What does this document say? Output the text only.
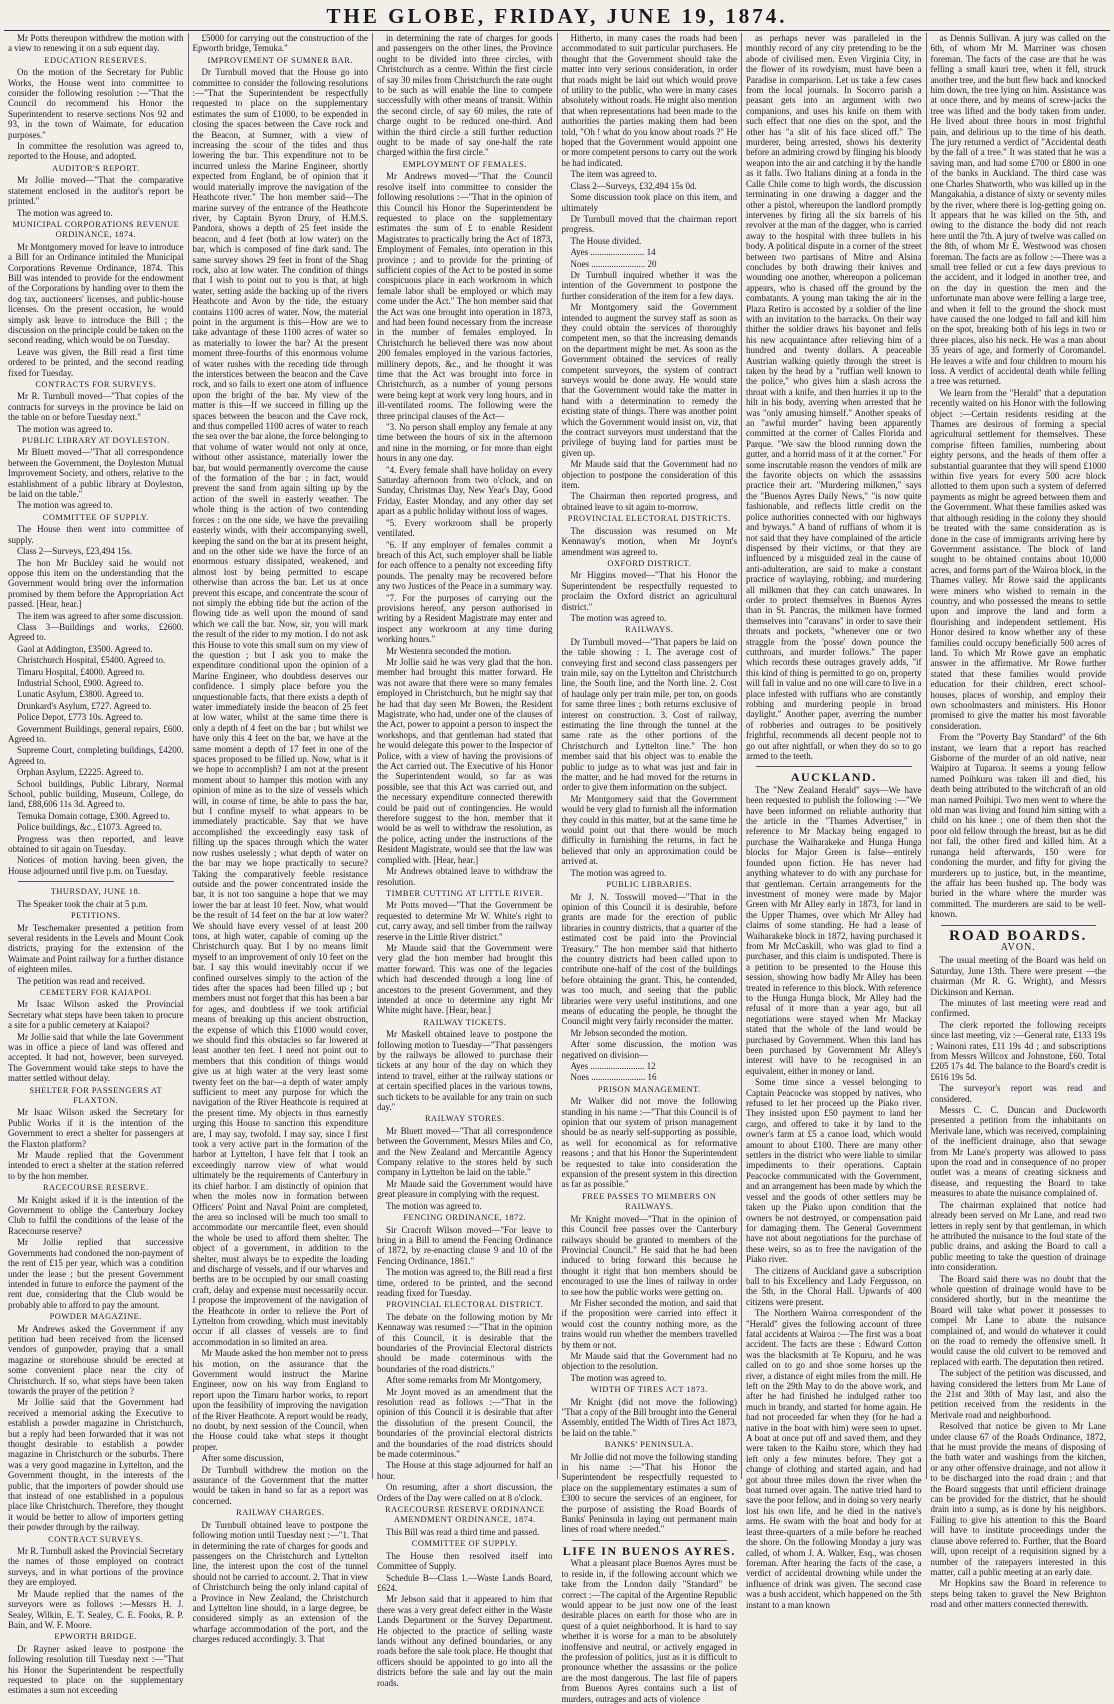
THE GLOBE, FRIDAY, JUNE 19, 1874.

Mr Potts thereupon withdrew the motion with a view to renewing it on a sub equent day.

EDUCATION RESERVES.

On the motion of the Secretary for Public Works, the House went into committee to consider the following resolution :—"That the Council do recommend his Honor the Superintendent to reserve sections Nos 92 and 93, in the town of Waimate, for education purposes."

In committee the resolution was agreed to, reported to the House, and adopted.

AUDITOR'S REPORT.

Mr Jollie moved—"That the comparative statement enclosed in the auditor's report be printed."

The motion was agreed to.

MUNICIPAL CORPORATIONS REVENUE ORDINANCE, 1874.

Mr Montgomery moved for leave to introduce a Bill for an Ordinance intituled the Municipal Corporations Revenue Ordinance, 1874. This Bill was intended to provide for the endowment of the Corporations by handing over to them the dog tax, auctioneers' licenses, and public-house licenses. On the present occasion, he would simply ask leave to introduce the Bill ; the discussion on the principle could be taken on the second reading, which would be on Tuesday.

Leave was given, the Bill read a first time ordered to be printed, and the second reading fixed for Tuesday.

CONTRACTS FOR SURVEYS.

Mr R. Turnbull moved—"That copies of the contracts for surveys in the province be laid on the table on or before Tuesday next."

The motion was agreed to.

PUBLIC LIBRARY AT DOYLESTON.

Mr Bluett moved—"That all correspondence between the Government, the Doyleston Mutual Improvement Society, and others, relative to the establishment of a public library at Doyleston, be laid on the table."

The motion was agreed to.

COMMITTEE OF SUPPLY.

The House then went into committee of supply.

Class 2—Surveys, £23,494 15s.

The hon Mr Buckley said he would not oppose this item on the understanding that the Government would bring over the information promised by them before the Appropriation Act passed. [Hear, hear.]

The item was agreed to after some discussion.

Class 3—Buildings and works, £2600. Agreed to.

Gaol at Addington, £3500. Agreed to.

Christchurch Hospital, £5400. Agreed to.

Timaru Hospital, £4000. Agreed to.

Industrial School, £900. Agreed to.

Lunatic Asylum, £3800. Agreed to.

Drunkard's Asylum, £727. Agreed to.

Police Depot, £773 10s. Agreed to.

Government Buildings, general repairs, £600. Agreed to.

Supreme Court, completing buildings, £4200. Agreed to.

Orphan Asylum, £2225. Agreed to.

School buildings, Public Library, Normal School, public building, Museum, College, do land, £88,606 11s 3d. Agreed to.

Temuka Domain cottage, £300. Agreed to.

Police buildings, &c., £1073. Agreed to.

Progress was then reported, and leave obtained to sit again on Tuesday.

Notices of motion having been given, the House adjourned until five p.m. on Tuesday.

THURSDAY, JUNE 18.

The Speaker took the chair at 5 p.m.

PETITIONS.

Mr Teschemaker presented a petition from several residents in the Levels and Mount Cook districts, praying for the extension of the Waimate and Point railway for a further distance of eighteen miles.

The petition was read and received.

CEMETERY FOR KAIAPOI.

Mr Isaac Wilson asked the Provincial Secretary what steps have been taken to procure a site for a public cemetery at Kaiapoi?

Mr Jollie said that while the late Government was in office a piece of land was offered and accepted. It had not, however, been surveyed. The Government would take steps to have the matter settled without delay.

SHELTER FOR PASSENGERS AT FLAXTON.

Mr Isaac Wilson asked the Secretary for Public Works if it is the intention of the Government to erect a shelter for passengers at the Flaxton platform?

Mr Maude replied that the Government intended to erect a shelter at the station referred to by the hon member.

RACECOURSE RESERVE.

Mr Knight asked if it is the intention of the Government to oblige the Canterbury Jockey Club to fulfil the conditions of the lease of the Racecourse reserve?

Mr Jollie replied that successive Governments had condoned the non-payment of the rent of £15 per year, which was a condition under the lease ; but the present Government intended in future to enforce the payment of the rent due, considering that the Club would be probably able to afford to pay the amount.

POWDER MAGAZINE.

Mr Andrews asked the Government if any petition had been received from the licensed vendors of gunpowder, praying that a small magazine or storehouse should be erected at some convenient place near the city of Christchurch. If so, what steps have been taken towards the prayer of the petition ?

Mr Jollie said that the Government had received a memorial asking the Executive to establish a powder magazine in Christchurch, but a reply had been forwarded that it was not thought desirable to establish a powder magazine in Christchurch or the suburbs. There was a very good magazine in Lyttelton, and the Government thought, in the interests of the public, that the importers of powder should use that instead of one established in a populous place like Christchurch. Therefore, they thought it would be better to allow of importers getting their powder through by the railway.

CONTRACT SURVEYS.

Mr R. Turnbull asked the Provincial Secretary the names of those employed on contract surveys, and in what portions of the province they are employed.

Mr Maude replied that the names of the surveyors were as follows :—Messrs H. J. Sealey, Wilkin, E. T. Sealey, C. E. Fooks, R. P. Bain, and W. F. Moore.

EPWORTH BRIDGE.

Dr Rayner asked leave to postpone the following resolution till Tuesday next :—"That his Honor the Superintendent be respectfully requested to place on the supplementary estimates a sum not exceeding

£5000 for carrying out the construction of the Epworth bridge, Temuka."

IMPROVEMENT OF SUMNER BAR.

Dr Turnbull moved that the House go into committee to consider the following resolutions :—"That the Superintendent be respectfully requested to place on the supplementary estimates the sum of £1000, to be expended in closing the spaces between the Cave rock and the Beacon, at Sumner, with a view of increasing the scour of the tides and thus lowering the bar. This expenditure not to be incurred unless the Marine Engineer, shortly expected from England, be of opinion that it would materially improve the navigation of the Heathcote river." The hon member said—The marine survey of the entrance of the Heathcote river, by Captain Byron Drury, of H.M.S. Pandora, shows a depth of 25 feet inside the beacon, and 4 feet (both at low water) on the bar, which is composed of fine dark sand. The same survey shows 29 feet in front of the Shag rock, also at low water. The condition of things that I wish to point out to you is that, at high water, setting aside the backing up of the rivers Heathcote and Avon by the tide, the estuary contains 1100 acres of water. Now, the material point in the argument is this—How are we to take advantage of these 1100 acres of water so as materially to lower the bar? At the present moment three-fourths of this enormous volume of water rushes with the receding tide through the interstices between the beacon and the Cave rock, and so fails to exert one atom of influence upon the bright of the bar. My view of the matter is this—If we succeed in filling up the spaces between the beacon and the Cave rock, and thus compelled 1100 acres of water to reach the sea over the bar alone, the force belonging to that volume of water would not only at once, without other assistance, materially lower the bar, but would permanently overcome the cause of the formation of the bar ; in fact, would prevent the sand from again silting up by the action of the swell in easterly weather. The whole thing is the action of two contending forces : on the one side, we have the prevailing easterly winds, with their accompanying swell, keeping the sand on the bar at its present height, and on the other side we have the force of an enormous estuary dissipated, weakened, and almost lost by being permitted to escape otherwise than across the bar. Let us at once prevent this escape, and concentrate the scour of not simply the ebbing tide but the action of the flowing tide as well upon the mound of sand which we call the bar. Now, sir, you will mark the result of the rider to my motion. I do not ask this House to vote this small sum on my view of the question ; but I ask you to make the expenditure conditional upon the opinion of a Marine Engineer, who doubtless deserves our confidence. I simply place before you the unquestionable facts, that there exists a depth of water immediately inside the beacon of 25 feet at low water, whilst at the same time there is only a depth of 4 feet on the bar ; but whilst we have only this 4 feet on the bar, we have at the same moment a depth of 17 feet in one of the spaces proposed to be filled up. Now, what is it we hope to accomplish? I am not at the present moment about to hamper this motion with any opinion of mine as to the size of vessels which will, in course of time, be able to pass the bar, but I confine myself to what appears to be immediately practicable. Say that we have accomplished the exceedingly easy task of filling up the spaces through which the water now rushes uselessly ; what depth of water on the bar may we hope practically to secure? Taking the comparatively feeble resistance outside and the power concentrated inside the bar, it is not too sanguine a hope that we may lower the bar at least 10 feet. Now, what would be the result of 14 feet on the bar at low water? We should have every vessel of at least 200 tons, at high water, capable of coming up the Christchurch quay. But I by no means limit myself to an improvement of only 10 feet on the bar. I say this would inevitably occur if we confined ourselves simply to the action of the tides after the spaces had been filled up ; but members must not forget that this has been a bar for ages, and doubtless if we took artificial means of breaking up this ancient obstruction, the expense of which this £1000 would cover, we should find this obstacles so far lowered at least another ten feet. I need not point out to members that this condition of things would give us at high water at the very least some twenty feet on the bar—a depth of water amply sufficient to meet any purpose for which the navigation of the River Heathcote is required at the present time. My objects in thus earnestly urging this House to sanction this expenditure are, I may say, twofold. I may say, since I first took a very active part in the formation of the harbor at Lyttelton, I have felt that I took an exceedingly narrow view of what would ultimately be the requirements of Canterbury in its chief harbor. I am distinctly of opinion that when the moles now in formation between Officers' Point and Naval Point are completed, the area so inclosed will be much too small to accommodate our mercantile fleet, even should the whole be used to afford them shelter. The object of a government, in addition to the shelter, must always be to expedite the loading and discharge of vessels, and if our wharves and berths are to be occupied by our small coasting craft, delay and expense must necessarily occur. I propose the improvement of the navigation of the Heathcote in order to relieve the Port of Lyttelton from crowding, which must inevitably occur if all classes of vessels are to find accommodation in so limited an area.

Mr Maude asked the hon member not to press his motion, on the assurance that the Government would instruct the Marine Engineer, now on his way from England to report upon the Timaru harbor works, to report upon the feasibility of improving the navigation of the River Heathcote. A report would be ready, no doubt, by next session of the Council, when the House could take what steps it thought proper.

After some discussion,

Dr Turnbull withdrew the motion on the assurance of the Government that the matter would be taken in hand so far as a report was concerned.

RAILWAY CHARGES.

Dr Turnbull obtained leave to postpone the following motion until Tuesday next :—"1. That in determining the rate of charges for goods and passengers on the Christchurch and Lyttelton line, the interest upon the cost of the tunnel should not be carried to account. 2. That in view of Christchurch being the only inland capital of a Province in New Zealand, the Christchurch and Lyttelton line should, in a large degree, be considered simply as an extension of the wharfage accommodation of the port, and the charges reduced accordingly. 3. That

in determining the rate of charges for goods and passengers on the other lines, the Province ought to be divided into three circles, with Christchurch as a centre. Within the first circle of say 30 miles from Christchurch the rate ought to be such as will enable the line to compete successfully with other means of transit. Within the second circle, of say 60 miles, the rate of charge ought to be reduced one-third. And within the third circle a still further reduction ought to be made of say one-half the rate charged within the first circle."

EMPLOYMENT OF FEMALES.

Mr Andrews moved—"That the Council resolve itself into committee to consider the following resolutions :—"That in the opinion of this Council his Honor the Superintendent be requested to place on the supplementary estimates the sum of £ to enable Resident Magistrates to practically bring the Act of 1873, Employment of Females, into operation in this province ; and to provide for the printing of sufficient copies of the Act to be posted in some conspicuous place in each workroom in which female labor shall be employed or which may come under the Act." The hon member said that the Act was one brought into operation in 1873, and had been found necessary from the increase in the number of females employed. In Christchurch he believed there was now about 200 females employed in the various factories, millinery depots, &c., and he thought it was time that the Act was brought into force in Christchurch, as a number of young persons were being kept at work very long hours, and in ill-ventilated rooms. The following were the three principal clauses of the Act—

"3. No person shall employ any female at any time between the hours of six in the afternoon and nine in the morning, or for more than eight hours in any one day.

"4. Every female shall have holiday on every Saturday afternoon from two o'clock, and on Sunday, Christmas Day, New Year's Day, Good Friday, Easter Monday, and any other day set apart as a public holiday without loss of wages.

"5. Every workroom shall be properly ventilated.

"6. If any employer of females commit a breach of this Act, such employer shall be liable for each offence to a penalty not exceeding fifty pounds. The penalty may be recovered before any two Justices of the Peace in a summary way.

"7. For the purposes of carrying out the provisions hereof, any person authorised in writing by a Resident Magistrate may enter and inspect any workroom at any time during working hours."

Mr Westenra seconded the motion.

Mr Jollie said he was very glad that the hon. member had brought this matter forward. He was not aware that there were so many females employed in Christchurch, but he might say that he had that day seen Mr Bowen, the Resident Magistrate, who had, under one of the clauses of the Act, power to appoint a person to inspect the workshops, and that gentleman had stated that he would delegate this power to the Inspector of Police, with a view of having the provisions of the Act carried out. The Executive of his Honor the Superintendent would, so far as was possible, see that this Act was carried out, and the necessary expenditure connected therewith could be paid out of contingencies. He would therefore suggest to the hon. member that it would be as well to withdraw the resolution, as the police, acting under the instructions of the Resident Magistrate, would see that the law was complied with. [Hear, hear.]

Mr Andrews obtained leave to withdraw the resolution.

TIMBER CUTTING AT LITTLE RIVER.

Mr Potts moved—"That the Government be requested to determine Mr W. White's right to cut, carry away, and sell timber from the railway reserve in the Little River district."

Mr Maude said that the Government were very glad the hon member had brought this matter forward. This was one of the legacies which had descended through a long line of ancestors to the present Government, and they intended at once to determine any right Mr White might have. [Hear, hear.]

RAILWAY TICKETS.

Mr Maskell obtained leave to postpone the following motion to Tuesday—"That passengers by the railways be allowed to purchase their tickets at any hour of the day on which they intend to travel, either at the railway stations or at certain specified places in the various towns, such tickets to be available for any train on such day."

RAILWAY STORES.

Mr Bluett moved—"That all correspondence between the Government, Messrs Miles and Co, and the New Zealand and Mercantile Agency Company relative to the stores held by such company in Lyttelton be laid on the table."

Mr Maude said the Government would have great pleasure in complying with the request.

The motion was agreed to.

FENCING ORDINANCE, 1872.

Sir Cracroft Wilson moved—"For leave to bring in a Bill to amend the Fencing Ordinance of 1872, by re-enacting clause 9 and 10 of the Fencing Ordinance, 1861."

The motion was agreed to, the Bill read a first time, ordered to be printed, and the second reading fixed for Tuesday.

PROVINCIAL ELECTORAL DISTRICT.

The debate on the following motion by Mr Kennaway was resumed :—"That in the opinion of this Council, it is desirable that the boundaries of the Provincial Electoral districts should be made coterminous with the boundaries of the road districts."

After some remarks from Mr Montgomery,

Mr Joynt moved as an amendment that the resolution read as follows :—"That in the opinion of this Council it is desirable that after the dissolution of the present Council, the boundaries of the provincial electoral districts and the boundaries of the road districts should be made coterminous."

The House at this stage adjourned for half an hour.

On resuming, after a short discussion, the Orders of the Day were called on at 8 o'clock.

RACECOURSE RESERVE ORDINANCE AMENDMENT ORDINANCE, 1874.

This Bill was read a third time and passed.

COMMITTEE OF SUPPLY.

The House then resolved itself into Committee of Supply.

Schedule B—Class 1.—Waste Lands Board, £624.

Mr Jebson said that it appeared to him that there was a very great defect either in the Waste Lands Department or the Survey Department. He objected to the practice of selling waste lands without any defined boundaries, or any roads before the sale took place. He thought that officers should be appointed to go into all the districts before the sale and lay out the main roads.

Hitherto, in many cases the roads had been accommodated to suit particular purchasers. He thought that the Government should take the matter into very serious consideration, in order that roads might be laid out which would prove of utility to the public, who were in many cases absolutely without roads. He might also mention that when representations had been made to the authorities the parties making them had been told, "Oh ! what do you know about roads ?" He hoped that the Government would appoint one or more competent persons to carry out the work he had indicated.

The item was agreed to.

Class 2—Surveys, £32,494 15s 0d.

Some discussion took place on this item, and ultimately

Dr Turnbull moved that the chairman report progress.

The House divided.

Ayes ........................ 14

Noes ........................ 20

Dr Turnbull inquired whether it was the intention of the Government to postpone the further consideration of the item for a few days.

Mr Montgomery said the Government intended to augment the survey staff as soon as they could obtain the services of thoroughly competent men, so that the increasing demands on the department might be met. As soon as the Government obtained the services of really competent surveyors, the system of contract surveys would be done away. He would state that the Government would take the matter in hand with a determination to remedy the existing state of things. There was another point which the Government would insist on, viz, that the contract surveyors must understand that the privilege of buying land for parties must be given up.

Mr Maude said that the Government had no objection to postpone the consideration of this item.

The Chairman then reported progress, and obtained leave to sit again to-morrow.

PROVINCIAL ELECTORAL DISTRICTS.

The discussion was resumed on Mr Kennaway's motion, when Mr Joynt's amendment was agreed to.

OXFORD DISTRICT.

Mr Higgins moved—"That his Honor the Superintendent be respectfully requested to proclaim the Oxford district an agricultural district."

The motion was agreed to.

RAILWAYS.

Dr Turnbull moved—"That papers be laid on the table showing : 1. The average cost of conveying first and second class passengers per train mile, say on the Lyttelton and Christchurch line, the South line, and the North line. 2. Cost of haulage only per train mile, per ton, on goods for same three lines ; both returns exclusive of interest on construction. 3. Cost of railway, estimating the line through the tunnel at the same rate as the other portions of the Christchurch and Lyttelton line." The hon member said that his object was to enable the public to judge as to what was just and fair in the matter, and he had moved for the returns in order to give them information on the subject.

Mr Montgomery said that the Government would be very glad to furnish all the information they could in this matter, but at the same time he would point out that there would be much difficulty in furnishing the returns, in fact he believed that only an approximation could be arrived at.

The motion was agreed to.

PUBLIC LIBRARIES.

Mr J. N. Tosswill moved—"That in the opinion of this Council it is desirable, before grants are made for the erection of public libraries in country districts, that a quarter of the estimated cost be paid into the Provincial Treasury." The hon member said that hitherto the country districts had been called upon to contribute one-half of the cost of the buildings before obtaining the grant. This, he contended, was too much, and seeing that the public libraries were very useful institutions, and one means of educating the people, he thought the Council might very fairly reconsider the matter.

Mr Jebson seconded the motion.

After some discussion, the motion was negatived on division—

Ayes ........................ 12

Noes ........................ 16

PRISON MANAGEMENT.

Mr Walker did not move the following standing in his name :—"That this Council is of opinion that our system of prison management should be as nearly self-supporting as possible, as well for economical as for reformative reasons ; and that his Honor the Superintendent be requested to take into consideration the expansion of the present system in this direction as far as possible."

FREE PASSES TO MEMBERS ON RAILWAYS.

Mr Knight moved—"That in the opinion of this Council free passes over the Canterbury railways should be granted to members of the Provincial Council." He said that he had been induced to bring forward this because he thought it right that hon members should be encouraged to use the lines of railway in order to see how the public works were getting on.

Mr Fisher seconded the motion, and said that if the proposition were carried into effect it would cost the country nothing more, as the trains would run whether the members travelled by them or not.

Mr Maude said that the Government had no objection to the resolution.

The motion was agreed to.

WIDTH OF TIRES ACT 1873.

Mr Knight (did not move the following) "That a copy of the Bill brought into the General Assembly, entitled The Width of Tires Act 1873, be laid on the table."

BANKS' PENINSULA.

Mr Jollie did not move the following standing in his name :—"That his Honor the Superintendent be respectfully requested to place on the supplementary estimates a sum of £300 to secure the services of an engineer, for the purpose of assisting the Road Boards of Banks' Peninsula in laying out permanent main lines of road where needed."

LIFE IN BUENOS AYRES.

What a pleasant place Buenos Ayres must be to reside in, if the following account which we take from the London daily "Standard" be correct :—The capital of the Argentine Republic would appear to be just now one of the least desirable places on earth for those who are in quest of a quiet neighborhood. It is hard to say whether it is worse for a man to be absolutely inoffensive and neutral, or actively engaged in the profession of politics, just as it is difficult to pronounce whether the assassins or the police are the most dangerous. The last file of papers from Buenos Ayres contains such a list of murders, outrages and acts of violence

as perhaps never was paralleled in the monthly record of any city pretending to be the abode of civilised men. Even Virginia City, in the flower of its rowdyism, must have been a Paradise in comparison. Let us take a few cases from the local journals. In Socorro parish a peasant gets into an argument with two companions, and uses his knife on them with such effect that one dies on the spot, and the other has "a slit of his face sliced off." The murderer, being arrested, shows his dexterity before an admiring crowd by flinging his bloody weapon into the air and catching it by the handle as it falls. Two Italians dining at a fonda in the Calle Chile come to high words, the discussion terminating in one drawing a dagger and the other a pistol, whereupon the landlord promptly intervenes by firing all the six barrels of his revolver at the man of the dagger, who is carried away to the hospital with three bullets in his body. A political dispute in a corner of the street between two partisans of Mitre and Alsina concludes by both drawing their knives and wounding one another, whereupon a policeman appears, who is chased off the ground by the combatants. A young man taking the air in the Plaza Retiro is accosted by a soldier of the line with an invitation to the barracks. On their way thither the soldier draws his bayonet and fells his new acquaintance after relieving him of a hundred and twenty dollars. A peaceable Austrian walking quietly through the street is taken by the head by a "ruffian well known to the police," who gives him a slash across the throat with a knife, and then hurries it up to the hilt in his body, averring when arrested that he was "only amusing himself." Another speaks of an "awful murder" having been apparently committed at the corner of Calles Florida and Parque. "We saw the blood running down the gutter, and a horrid mass of it at the corner." For some inscrutable reason the vendors of milk are the favorite objects on which the assassins practice their art. "Murdering milkmen," says the "Buenos Ayres Daily News," "is now quite fashionable, and reflects little credit on the police authorities connected with our highways and byways." A band of ruffians of whom it is not said that they have complained of the article dispensed by their victims, or that they are influenced by a misguided zeal in the cause of anti-adulteration, are said to make a constant practice of waylaying, robbing, and murdering all milkmen that they can catch unawares. In order to protect themselves in Buenos Ayres than in St. Pancras, the milkmen have formed themselves into "caravans" in order to save their throats and pockets, "whenever one or two straggle from the 'posse' down pounce the cutthroats, and murder follows." The paper which records these outrages gravely adds, "if this kind of thing is permitted to go on, property will fall in value and no one will care to live in a place infested with ruffians who are constantly robbing and murdering people in broad daylight." Another paper, averring the number of robberies and outrages to be positively frightful, recommends all decent people not to go out after nightfall, or when they do so to go armed to the teeth.

AUCKLAND.

The "New Zealand Herald" says—We have been requested to publish the following :—"We have been informed on reliable authority that the article in the "Thames Advertiser," in reference to Mr Mackay being engaged to purchase the Waiharakeke and Hunga Hunga blocks for Major Green is false—entirely founded upon fiction. He has never had anything whatever to do with any purchase for that gentleman. Certain arrangements for the investment of money were made by Major Green with Mr Alley early in 1873, for land in the Upper Thames, over which Mr Alley had claims of some standing. He had a lease of Waiharakeke block in 1872, having purchased it from Mr McCaskill, who was glad to find a purchaser, and this claim is undisputed. There is a petition to be presented to the House this session, showing how badly Mr Alley has been treated in reference to this block. With reference to the Hunga Hunga block, Mr Alley had the refusal of it more than a year ago, but all negotiations were stayed when Mr Mackay stated that the whole of the land would be purchased by Government. When this land has been purchased by Government Mr Alley's interest will have to be recognised in an equivalent, either in money or land.

Some time since a vessel belonging to Captain Peacocke was stopped by natives, who refused to let her proceed up the Piako river. They insisted upon £50 payment to land her cargo, and offered to take it by land to the owner's farm at £5 a canoe load, which would amount to about £100. There are many other settlers in the district who were liable to similar impediments to their operations. Captain Peacocke communicated with the Government, and an arrangement has been made by which the vessel and the goods of other settlers may be taken up the Piako upon condition that the owners be not destroyed, or compensation paid for damaging them. The General Government have not about negotiations for the purchase of these weirs, so as to free the navigation of the Piako river.

The citizens of Auckland gave a subscription ball to his Excellency and Lady Fergusson, on the 5th, in the Choral Hall. Upwards of 400 citizens were present.

The Northern Wairoa correspondent of the "Herald" gives the following account of three fatal accidents at Wairoa :—The first was a boat accident. The facts are these : Edward Cotton was the blacksmith at Te Kopuru, and he was called on to go and shoe some horses up the river, a distance of eight miles from the mill. He left on the 29th May to do the above work, and after he had finished he indulged rather too much in brandy, and started for home again. He had not proceeded far when they (for he had a native in the boat with him) were seen to upset. A boat at once put off and saved them, and they were taken to the Kaihu store, which they had left only a few minutes before. They got a change of clothing and started again, and had got about three miles down the river when the boat turned over again. The native tried hard to save the poor fellow, and in doing so very nearly lost his own life, and he died in the native's arms. He swam with the boat and body for at least three-quarters of a mile before he reached the shore. On the following Monday a jury was called, of whom J. A. Walker, Esq., was chosen foreman. After hearing the facts of the case, a verdict of accidental drowning while under the influence of drink was given. The second case was a bush accident, which happened on the 5th instant to a man known

as Dennis Sullivan. A jury was called on the 6th, of whom Mr M. Marriner was chosen foreman. The facts of the case are that he was felling a small kauri tree, when it fell, struck another tree, and the butt flew back and knocked him down, the tree lying on him. Assistance was at once there, and by means of screw-jacks the tree was lifted and the body taken from under. He lived about three hours in most frightful pain, and delirious up to the time of his death. The jury returned a verdict of "Accidental death by the fall of a tree." It was stated that he was a saving man, and had some £700 or £800 in one of the banks in Auckland. The third case was one Charles Shatworth, who was killed up in the Mangakahia, a distance of sixty or seventy miles by the river, where there is log-getting going on. It appears that he was killed on the 5th, and owing to the distance the body did not reach here until the 7th. A jury of twelve was called on the 8th, of whom Mr E. Westwood was chosen foreman. The facts are as follow :—There was a small tree felled or cut a few days previous to the accident, and it lodged in another tree, and on the day in question the men and the unfortunate man above were felling a large tree, and when it fell to the ground the shock must have caused the one lodged to fall and kill him on the spot, breaking both of his legs in two or three places, also his neck. He was a man about 35 years of age, and formerly of Coromandel. He leaves a wife and four children to mourn his loss. A verdict of accidental death while felling a tree was returned.

We learn from the "Herald" that a deputation recently waited on his Honor with the following object :—Certain residents residing at the Thames are desirous of forming a special agricultural settlement for themselves. These comprise fifteen families, numbering about eighty persons, and the heads of them offer a substantial guarantee that they will spend £1000 within five years for every 500 acre block allotted to them upon such a system of deferred payments as might be agreed between them and the Government. What these families asked was that although residing in the colony they should be treated with the same consideration as is done in the case of immigrants arriving here by Government assistance. The block of land sought to be obtained contains about 10,000 acres, and forms part of the Wairoa block, in the Thames valley. Mr Rowe said the applicants were miners who wished to remain in the country, and who possessed the means to settle upon and improve the land and form a flourishing and independent settlement. His Honor desired to know whether any of these families could occupy beneficially 500 acres of land. To which Mr Rowe gave an emphatic answer in the affirmative. Mr Rowe further stated that these families would provide education for their children, erect school-houses, places of worship, and employ their own schoolmasters and ministers. His Honor promised to give the matter his most favorable consideration.

From the "Poverty Bay Standard" of the 6th instant, we learn that a report has reached Gisborne of the murder of an old native, near Waipiro at Tuparoa. It seems a young fellow named Poihkuru was taken ill and died, his death being attributed to the witchcraft of an old man named Poihipi. Two men went to where the old man was living and found him sitting with a child on his knee ; one of them then shot the poor old fellow through the breast, but as he did not fall, the other fired and killed him. At a runanga held afterwards, 150 were for condoning the murder, and fifty for giving the murderers up to justice, but, in the meantime, the affair has been hushed up. The body was buried in the whare where the murder was committed. The murderers are said to be well-known.

ROAD BOARDS.
AVON.

The usual meeting of the Board was held on Saturday, June 13th. There were present —the chairman (Mr R. G. Wright), and Messrs Dickinson and Kernan.

The minutes of last meeting were read and confirmed.

The clerk reported the following receipts since last meeting, viz :—General rate, £133 19s ; Wainoni rates, £11 19s 4d ; and subscriptions from Messrs Willcox and Johnstone, £60. Total £205 17s 4d. The balance to the Board's credit is £616 19s 5d.

The surveyor's report was read and considered.

Messrs C. C. Duncan and Duckworth presented a petition from the inhabitants on Merivale lane, which was received, complaining of the inefficient drainage, also that sewage from Mr Lane's property was allowed to pass upon the road and in consequence of no proper outlet was a means of creating sickness and disease, and requesting the Board to take measures to abate the nuisance complained of.

The chairman explained that notice had already been served on Mr Lane, and read two letters in reply sent by that gentleman, in which he attributed the nuisance to the foul state of the public drains, and asking the Board to call a public meeting to take the question of drainage into consideration.

The Board said there was no doubt that the whole question of drainage would have to be considered shortly, but in the meantime the Board will take what power it possesses to compel Mr Lane to abate the nuisance complained of, and would do whatever it could on the road to remedy the offensive smell. It would cause the old culvert to be removed and replaced with earth. The deputation then retired.

The subject of the petition was discussed, and having considered the letters from Mr Lane of the 21st and 30th of May last, and also the petition received from the residents in the Merivale road and neighborhood.

Resolved that notice be given to Mr Lane under clause 67 of the Roads Ordinance, 1872, that he must provide the means of disposing of the bath water and washings from the kitchen, or any other offensive drainage, and not allow it to be discharged into the road drain ; and that the Board suggests that until efficient drainage can be provided for the district, that he should drain into a sump, as is done by his neighbors. Failing to give his attention to this the Board will have to institute proceedings under the clause above referred to. Further, that the Board will, upon receipt of a requisition signed by a number of the ratepayers interested in this matter, call a public meeting at an early date.

Mr Hopkins saw the Board in reference to steps being taken to gravel the New Brighton road and other matters connected therewith.
